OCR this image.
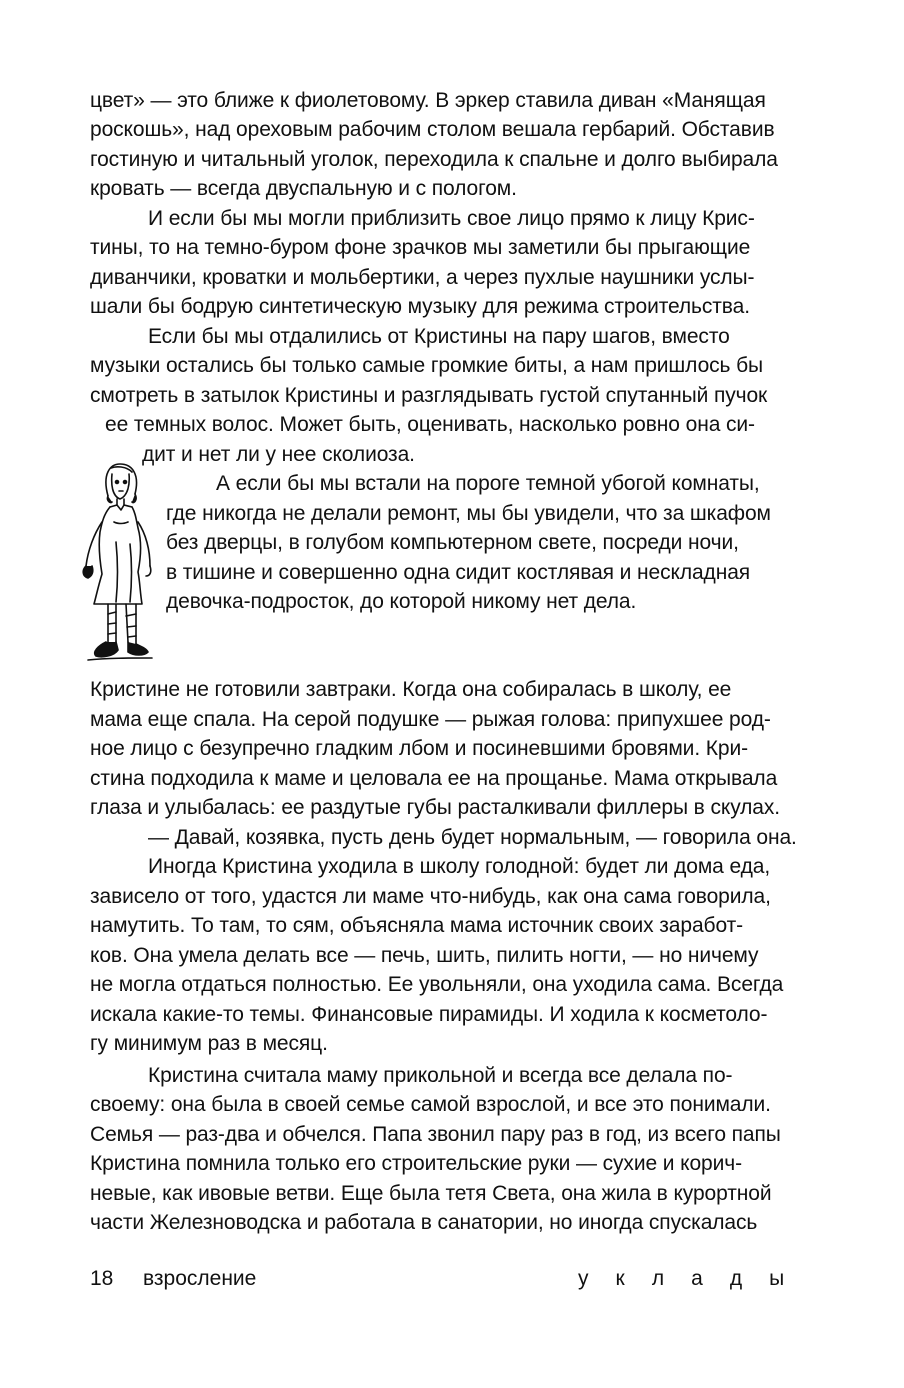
цвет» — это ближе к фиолетовому. В эркер ставила диван «Манящая
роскошь», над ореховым рабочим столом вешала гербарий. Обставив
гостиную и читальный уголок, переходила к спальне и долго выбирала
кровать — всегда двуспальную и с пологом.
И если бы мы могли приблизить свое лицо прямо к лицу Крис-
тины, то на темно-буром фоне зрачков мы заметили бы прыгающие
диванчики, кроватки и мольбертики, а через пухлые наушники услы-
шали бы бодрую синтетическую музыку для режима строительства.
Если бы мы отдалились от Кристины на пару шагов, вместо
музыки остались бы только самые громкие биты, а нам пришлось бы
смотреть в затылок Кристины и разглядывать густой спутанный пучок
ее темных волос. Может быть, оценивать, насколько ровно она си-
дит и нет ли у нее сколиоза.
А если бы мы встали на пороге темной убогой комнаты,
где никогда не делали ремонт, мы бы увидели, что за шкафом
без дверцы, в голубом компьютерном свете, посреди ночи,
в тишине и совершенно одна сидит костлявая и нескладная
девочка-подросток, до которой никому нет дела.
Кристине не готовили завтраки. Когда она собиралась в школу, ее
мама еще спала. На серой подушке — рыжая голова: припухшее род-
ное лицо с безупречно гладким лбом и посиневшими бровями. Кри-
стина подходила к маме и целовала ее на прощанье. Мама открывала
глаза и улыбалась: ее раздутые губы расталкивали филлеры в скулах.
— Давай, козявка, пусть день будет нормальным, — говорила она.
Иногда Кристина уходила в школу голодной: будет ли дома еда,
зависело от того, удастся ли маме что-нибудь, как она сама говорила,
намутить. То там, то сям, объясняла мама источник своих заработ-
ков. Она умела делать все — печь, шить, пилить ногти, — но ничему
не могла отдаться полностью. Ее увольняли, она уходила сама. Всегда
искала какие-то темы. Финансовые пирамиды. И ходила к косметоло-
гу минимум раз в месяц.
Кристина считала маму прикольной и всегда все делала по-
своему: она была в своей семье самой взрослой, и все это понимали.
Семья — раз-два и обчелся. Папа звонил пару раз в год, из всего папы
Кристина помнила только его строительские руки — сухие и корич-
невые, как ивовые ветви. Еще была тетя Света, она жила в курортной
части Железноводска и работала в санатории, но иногда спускалась
18 взросление	уклады
